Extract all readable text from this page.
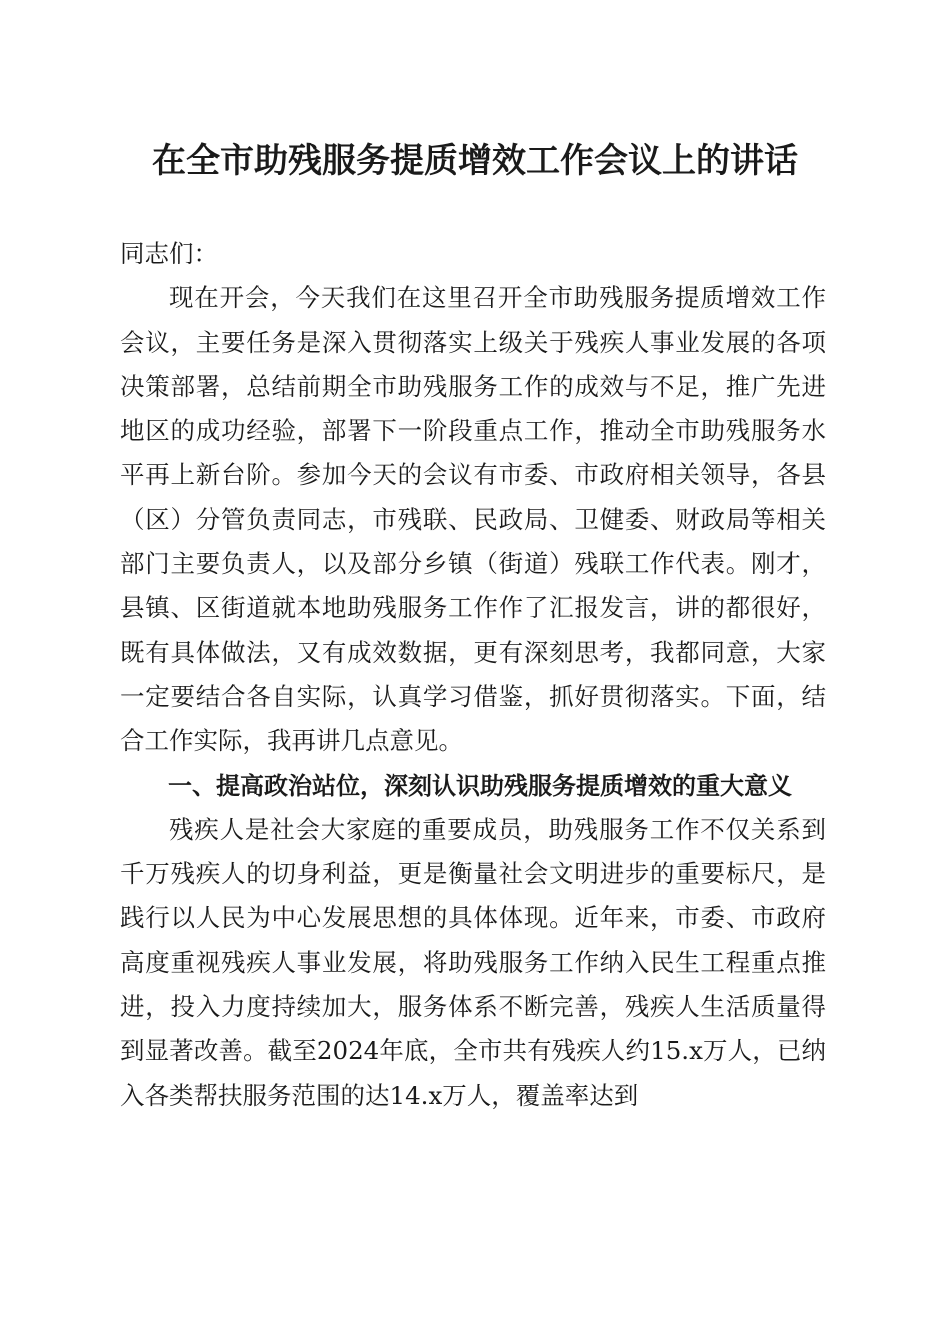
在全市助残服务提质增效工作会议上的讲话

同志们：

现在开会，今天我们在这里召开全市助残服务提质增效工作会议，主要任务是深入贯彻落实上级关于残疾人事业发展的各项决策部署，总结前期全市助残服务工作的成效与不足，推广先进地区的成功经验，部署下一阶段重点工作，推动全市助残服务水平再上新台阶。参加今天的会议有市委、市政府相关领导，各县（区）分管负责同志，市残联、民政局、卫健委、财政局等相关部门主要负责人，以及部分乡镇（街道）残联工作代表。刚才，县镇、区街道就本地助残服务工作作了汇报发言，讲的都很好，既有具体做法，又有成效数据，更有深刻思考，我都同意，大家一定要结合各自实际，认真学习借鉴，抓好贯彻落实。下面，结合工作实际，我再讲几点意见。

一、提高政治站位，深刻认识助残服务提质增效的重大意义

残疾人是社会大家庭的重要成员，助残服务工作不仅关系到千万残疾人的切身利益，更是衡量社会文明进步的重要标尺，是践行以人民为中心发展思想的具体体现。近年来，市委、市政府高度重视残疾人事业发展，将助残服务工作纳入民生工程重点推进，投入力度持续加大，服务体系不断完善，残疾人生活质量得到显著改善。截至2024年底，全市共有残疾人约15.x万人，已纳入各类帮扶服务范围的达14.x万人，覆盖率达到
